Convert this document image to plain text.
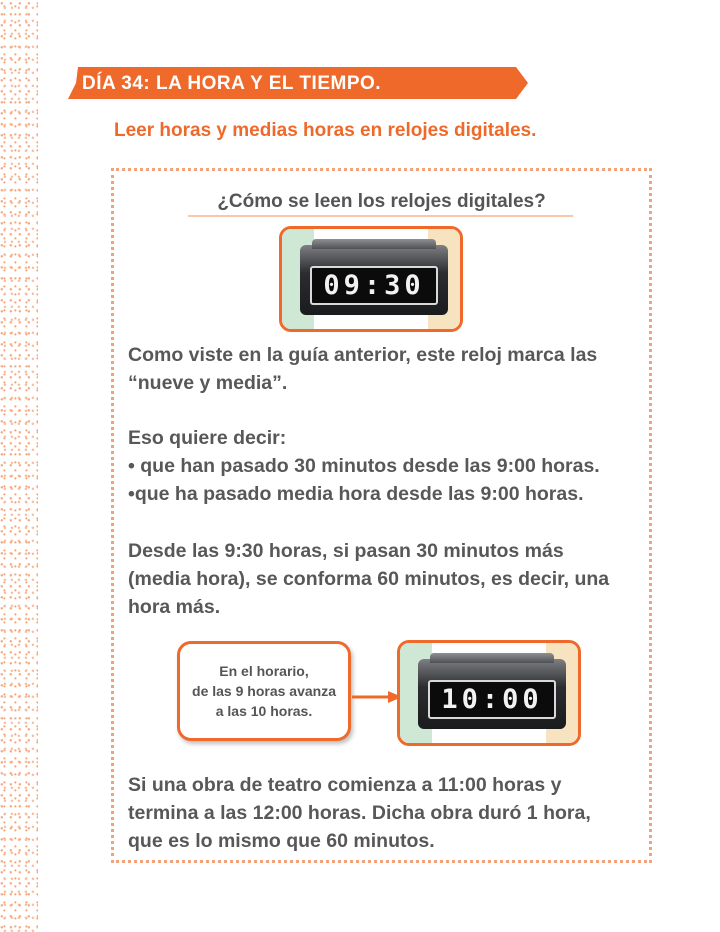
DÍA 34: LA HORA Y EL TIEMPO.
Leer horas y medias horas en relojes digitales.
¿Cómo se leen los relojes digitales?
09:30
Como viste en la guía anterior, este reloj marca las
“nueve y media”.
Eso quiere decir:
• que han pasado 30 minutos desde las 9:00 horas.
•que ha pasado media hora desde las 9:00 horas.
Desde las 9:30 horas, si pasan 30 minutos más
(media hora), se conforma 60 minutos, es decir, una
hora más.
En el horario,
de las 9 horas avanza
a las 10 horas.	10:00
Si una obra de teatro comienza a 11:00 horas y
termina a las 12:00 horas. Dicha obra duró 1 hora,
que es lo mismo que 60 minutos.
